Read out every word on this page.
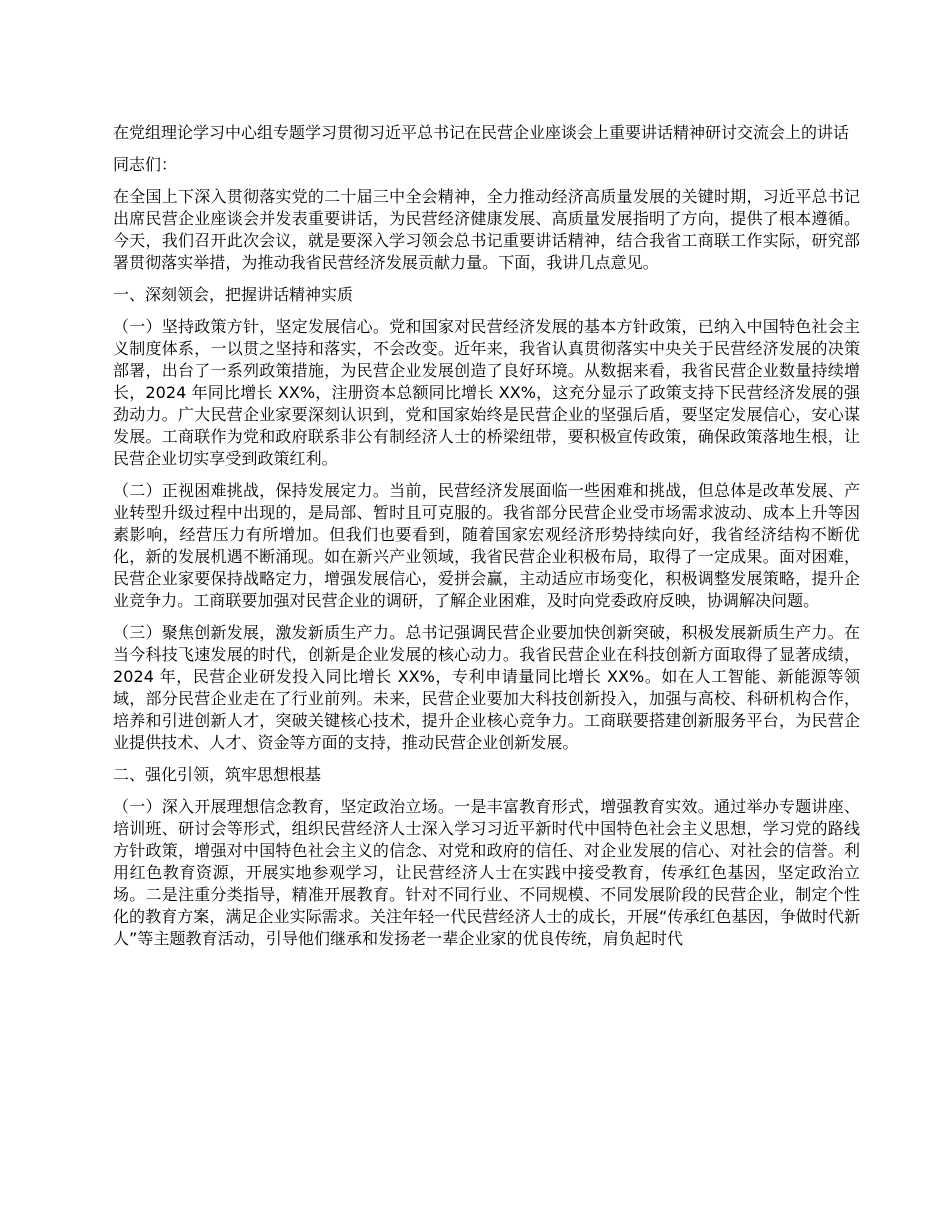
在党组理论学习中心组专题学习贯彻习近平总书记在民营企业座谈会上重要讲话精神研讨交流会上的讲话
同志们：
在全国上下深入贯彻落实党的二十届三中全会精神，全力推动经济高质量发展的关键时期，习近平总书记出席民营企业座谈会并发表重要讲话，为民营经济健康发展、高质量发展指明了方向，提供了根本遵循。今天，我们召开此次会议，就是要深入学习领会总书记重要讲话精神，结合我省工商联工作实际，研究部署贯彻落实举措，为推动我省民营经济发展贡献力量。下面，我讲几点意见。
一、深刻领会，把握讲话精神实质
（一）坚持政策方针，坚定发展信心。党和国家对民营经济发展的基本方针政策，已纳入中国特色社会主义制度体系，一以贯之坚持和落实，不会改变。近年来，我省认真贯彻落实中央关于民营经济发展的决策部署，出台了一系列政策措施，为民营企业发展创造了良好环境。从数据来看，我省民营企业数量持续增长，2024 年同比增长 XX%，注册资本总额同比增长 XX%，这充分显示了政策支持下民营经济发展的强劲动力。广大民营企业家要深刻认识到，党和国家始终是民营企业的坚强后盾，要坚定发展信心，安心谋发展。工商联作为党和政府联系非公有制经济人士的桥梁纽带，要积极宣传政策，确保政策落地生根，让民营企业切实享受到政策红利。
（二）正视困难挑战，保持发展定力。当前，民营经济发展面临一些困难和挑战，但总体是改革发展、产业转型升级过程中出现的，是局部、暂时且可克服的。我省部分民营企业受市场需求波动、成本上升等因素影响，经营压力有所增加。但我们也要看到，随着国家宏观经济形势持续向好，我省经济结构不断优化，新的发展机遇不断涌现。如在新兴产业领域，我省民营企业积极布局，取得了一定成果。面对困难，民营企业家要保持战略定力，增强发展信心，爱拼会赢，主动适应市场变化，积极调整发展策略，提升企业竞争力。工商联要加强对民营企业的调研，了解企业困难，及时向党委政府反映，协调解决问题。
（三）聚焦创新发展，激发新质生产力。总书记强调民营企业要加快创新突破，积极发展新质生产力。在当今科技飞速发展的时代，创新是企业发展的核心动力。我省民营企业在科技创新方面取得了显著成绩，2024 年，民营企业研发投入同比增长 XX%，专利申请量同比增长 XX%。如在人工智能、新能源等领域，部分民营企业走在了行业前列。未来，民营企业要加大科技创新投入，加强与高校、科研机构合作，培养和引进创新人才，突破关键核心技术，提升企业核心竞争力。工商联要搭建创新服务平台，为民营企业提供技术、人才、资金等方面的支持，推动民营企业创新发展。
二、强化引领，筑牢思想根基
（一）深入开展理想信念教育，坚定政治立场。一是丰富教育形式，增强教育实效。通过举办专题讲座、培训班、研讨会等形式，组织民营经济人士深入学习习近平新时代中国特色社会主义思想，学习党的路线方针政策，增强对中国特色社会主义的信念、对党和政府的信任、对企业发展的信心、对社会的信誉。利用红色教育资源，开展实地参观学习，让民营经济人士在实践中接受教育，传承红色基因，坚定政治立场。二是注重分类指导，精准开展教育。针对不同行业、不同规模、不同发展阶段的民营企业，制定个性化的教育方案，满足企业实际需求。关注年轻一代民营经济人士的成长，开展“传承红色基因，争做时代新人”等主题教育活动，引导他们继承和发扬老一辈企业家的优良传统，肩负起时代
